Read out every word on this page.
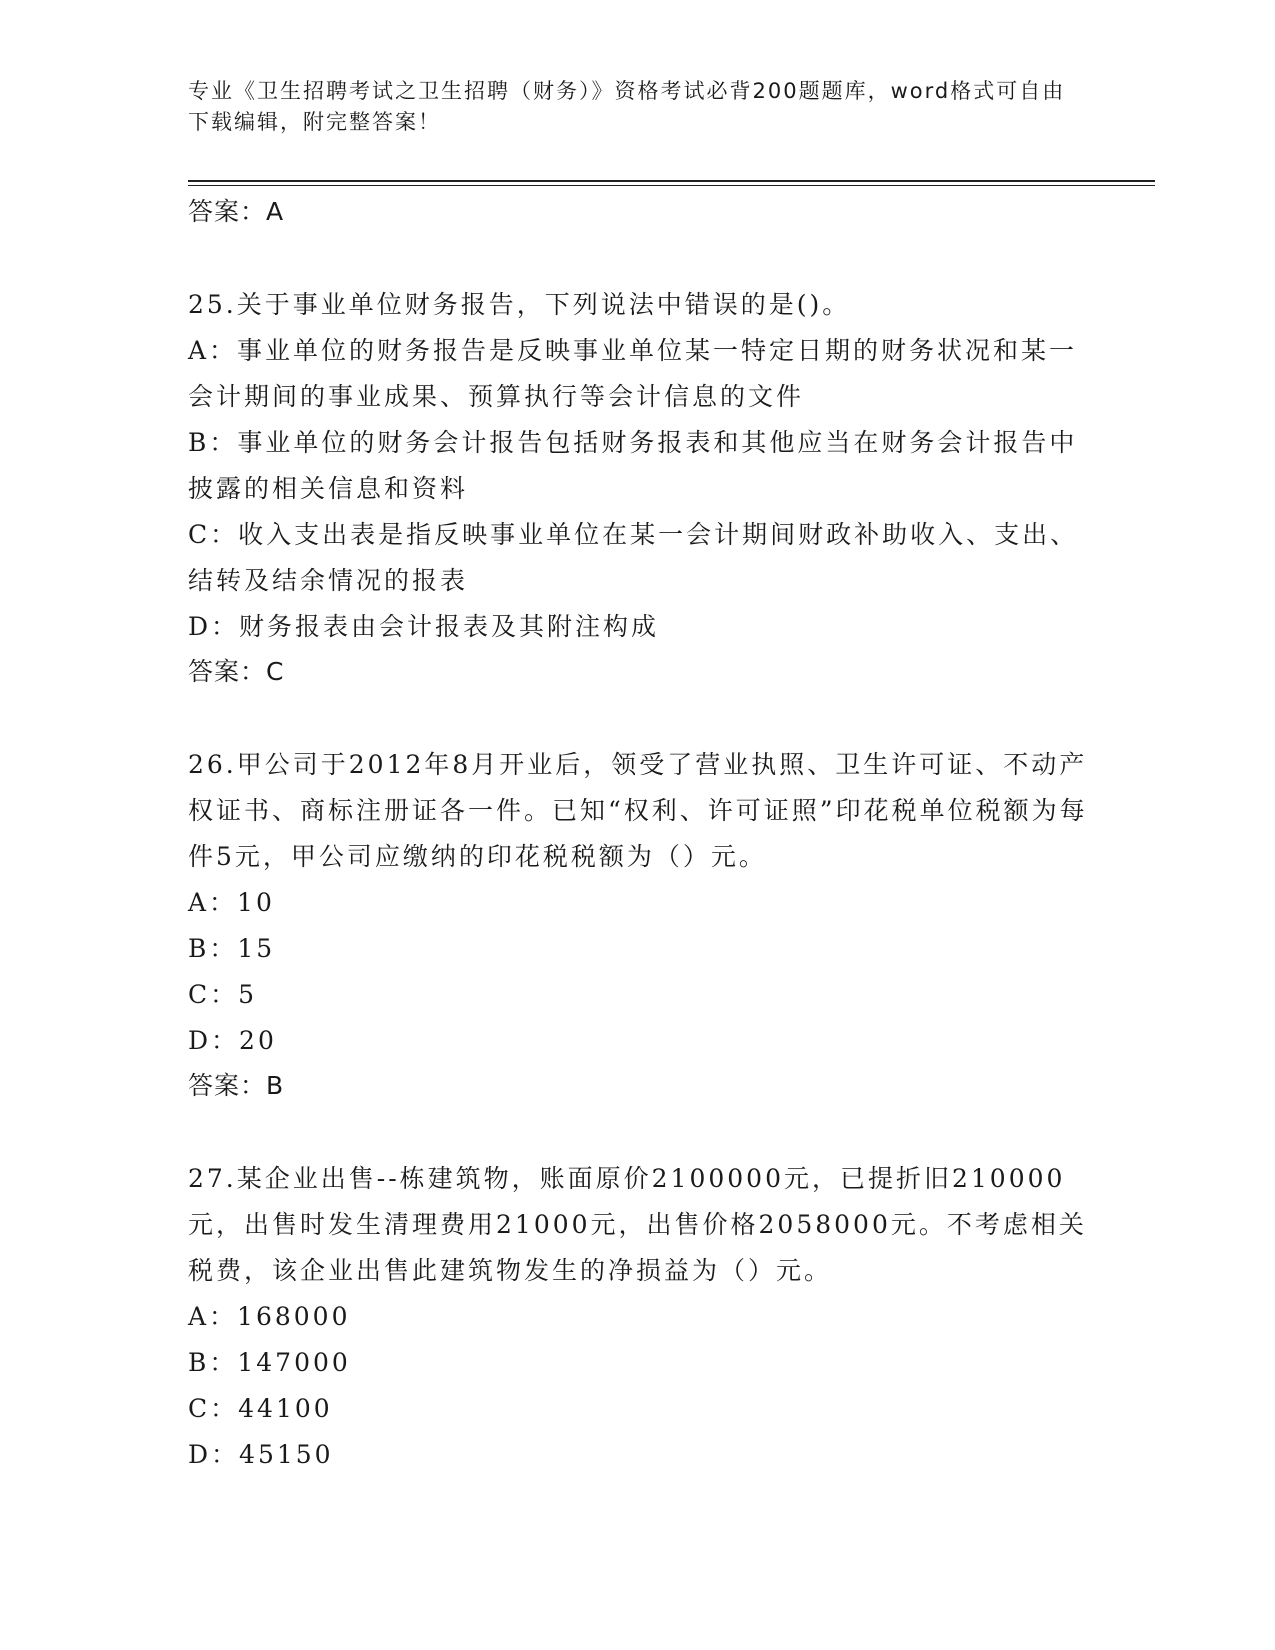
专业《卫生招聘考试之卫生招聘（财务）》资格考试必背200题题库，word格式可自由下载编辑，附完整答案！
答案：A
25.关于事业单位财务报告，下列说法中错误的是()。
A：事业单位的财务报告是反映事业单位某一特定日期的财务状况和某一会计期间的事业成果、预算执行等会计信息的文件
B：事业单位的财务会计报告包括财务报表和其他应当在财务会计报告中披露的相关信息和资料
C：收入支出表是指反映事业单位在某一会计期间财政补助收入、支出、结转及结余情况的报表
D：财务报表由会计报表及其附注构成
答案：C
26.甲公司于2012年8月开业后，领受了营业执照、卫生许可证、不动产权证书、商标注册证各一件。已知“权利、许可证照”印花税单位税额为每件5元，甲公司应缴纳的印花税税额为（）元。
A：10
B：15
C：5
D：20
答案：B
27.某企业出售--栋建筑物，账面原价2100000元，已提折旧210000元，出售时发生清理费用21000元，出售价格2058000元。不考虑相关税费，该企业出售此建筑物发生的净损益为（）元。
A：168000
B：147000
C：44100
D：45150
